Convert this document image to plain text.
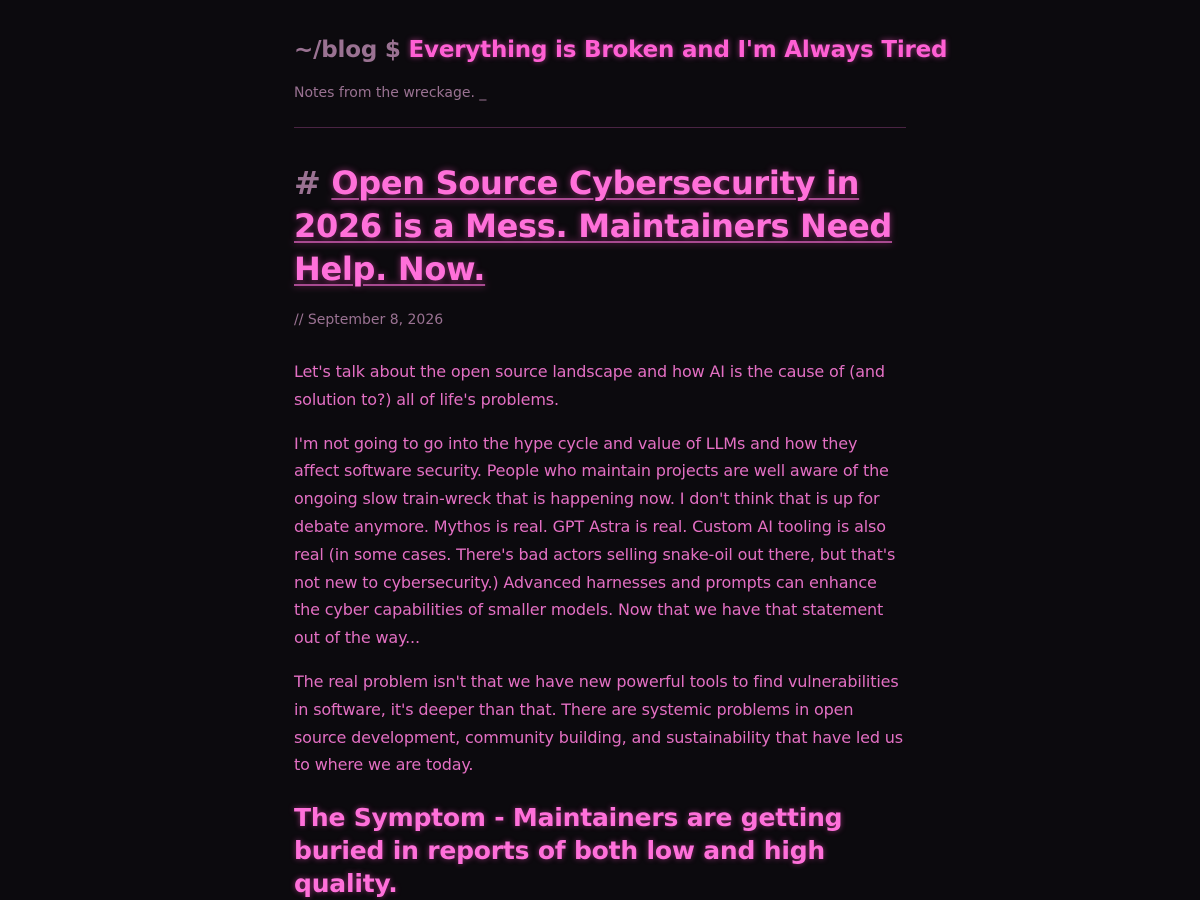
~/blog $ Everything is Broken and I'm Always Tired

Notes from the wreckage. _

# Open Source Cybersecurity in 2026 is a Mess. Maintainers Need Help. Now.

// September 8, 2026

Let's talk about the open source landscape and how AI is the cause of (and solution to?) all of life's problems.

I'm not going to go into the hype cycle and value of LLMs and how they affect software security. People who maintain projects are well aware of the ongoing slow train-wreck that is happening now. I don't think that is up for debate anymore. Mythos is real. GPT Astra is real. Custom AI tooling is also real (in some cases. There's bad actors selling snake-oil out there, but that's not new to cybersecurity.) Advanced harnesses and prompts can enhance the cyber capabilities of smaller models. Now that we have that statement out of the way...

The real problem isn't that we have new powerful tools to find vulnerabilities in software, it's deeper than that. There are systemic problems in open source development, community building, and sustainability that have led us to where we are today.

The Symptom - Maintainers are getting buried in reports of both low and high quality.
